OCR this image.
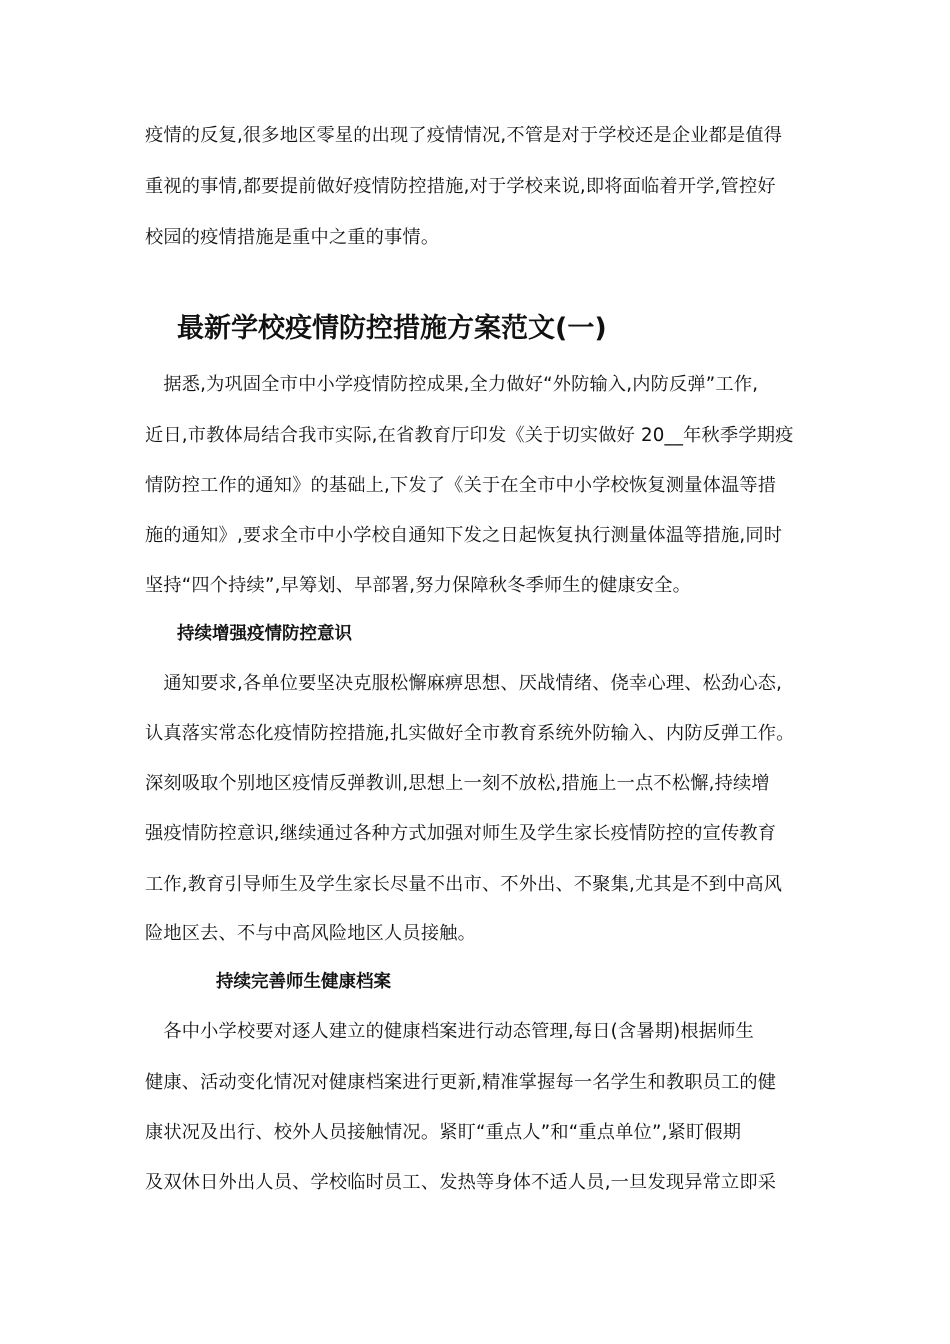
疫情的反复,很多地区零星的出现了疫情情况,不管是对于学校还是企业都是值得
重视的事情,都要提前做好疫情防控措施,对于学校来说,即将面临着开学,管控好
校园的疫情措施是重中之重的事情。
最新学校疫情防控措施方案范文(一)
　据悉,为巩固全市中小学疫情防控成果,全力做好“外防输入,内防反弹”工作,
近日,市教体局结合我市实际,在省教育厅印发《关于切实做好 20__年秋季学期疫
情防控工作的通知》的基础上,下发了《关于在全市中小学校恢复测量体温等措
施的通知》,要求全市中小学校自通知下发之日起恢复执行测量体温等措施,同时
坚持“四个持续”,早筹划、早部署,努力保障秋冬季师生的健康安全。
持续增强疫情防控意识
　通知要求,各单位要坚决克服松懈麻痹思想、厌战情绪、侥幸心理、松劲心态,
认真落实常态化疫情防控措施,扎实做好全市教育系统外防输入、内防反弹工作。
深刻吸取个别地区疫情反弹教训,思想上一刻不放松,措施上一点不松懈,持续增
强疫情防控意识,继续通过各种方式加强对师生及学生家长疫情防控的宣传教育
工作,教育引导师生及学生家长尽量不出市、不外出、不聚集,尤其是不到中高风
险地区去、不与中高风险地区人员接触。
持续完善师生健康档案
　各中小学校要对逐人建立的健康档案进行动态管理,每日(含暑期)根据师生
健康、活动变化情况对健康档案进行更新,精准掌握每一名学生和教职员工的健
康状况及出行、校外人员接触情况。紧盯“重点人”和“重点单位”,紧盯假期
及双休日外出人员、学校临时员工、发热等身体不适人员,一旦发现异常立即采
